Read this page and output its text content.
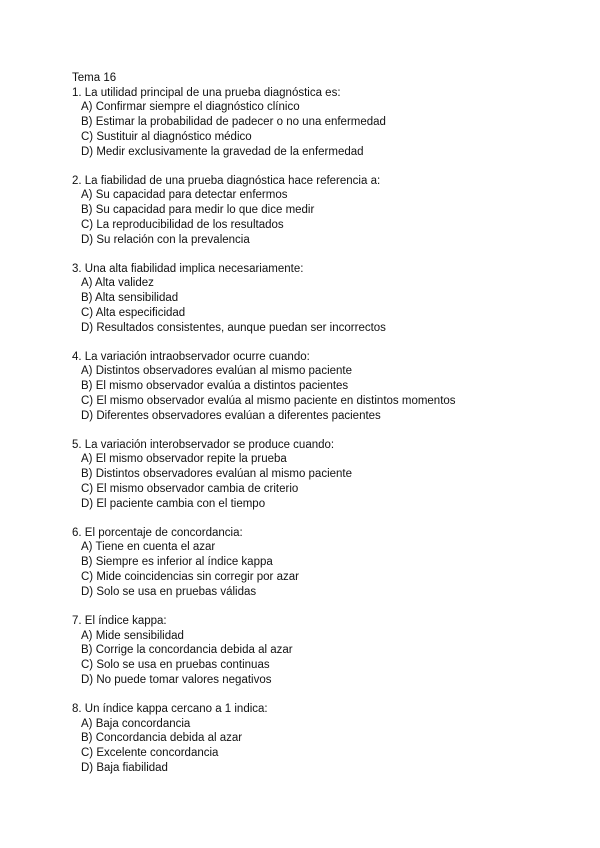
Tema 16

1. La utilidad principal de una prueba diagnóstica es:

A) Confirmar siempre el diagnóstico clínico
B) Estimar la probabilidad de padecer o no una enfermedad
C) Sustituir al diagnóstico médico
D) Medir exclusivamente la gravedad de la enfermedad

2. La fiabilidad de una prueba diagnóstica hace referencia a:

A) Su capacidad para detectar enfermos
B) Su capacidad para medir lo que dice medir
C) La reproducibilidad de los resultados
D) Su relación con la prevalencia

3. Una alta fiabilidad implica necesariamente:

A) Alta validez
B) Alta sensibilidad
C) Alta especificidad
D) Resultados consistentes, aunque puedan ser incorrectos

4. La variación intraobservador ocurre cuando:

A) Distintos observadores evalúan al mismo paciente
B) El mismo observador evalúa a distintos pacientes
C) El mismo observador evalúa al mismo paciente en distintos momentos
D) Diferentes observadores evalúan a diferentes pacientes

5. La variación interobservador se produce cuando:

A) El mismo observador repite la prueba
B) Distintos observadores evalúan al mismo paciente
C) El mismo observador cambia de criterio
D) El paciente cambia con el tiempo

6. El porcentaje de concordancia:

A) Tiene en cuenta el azar
B) Siempre es inferior al índice kappa
C) Mide coincidencias sin corregir por azar
D) Solo se usa en pruebas válidas

7. El índice kappa:

A) Mide sensibilidad
B) Corrige la concordancia debida al azar
C) Solo se usa en pruebas continuas
D) No puede tomar valores negativos

8. Un índice kappa cercano a 1 indica:

A) Baja concordancia
B) Concordancia debida al azar
C) Excelente concordancia
D) Baja fiabilidad
